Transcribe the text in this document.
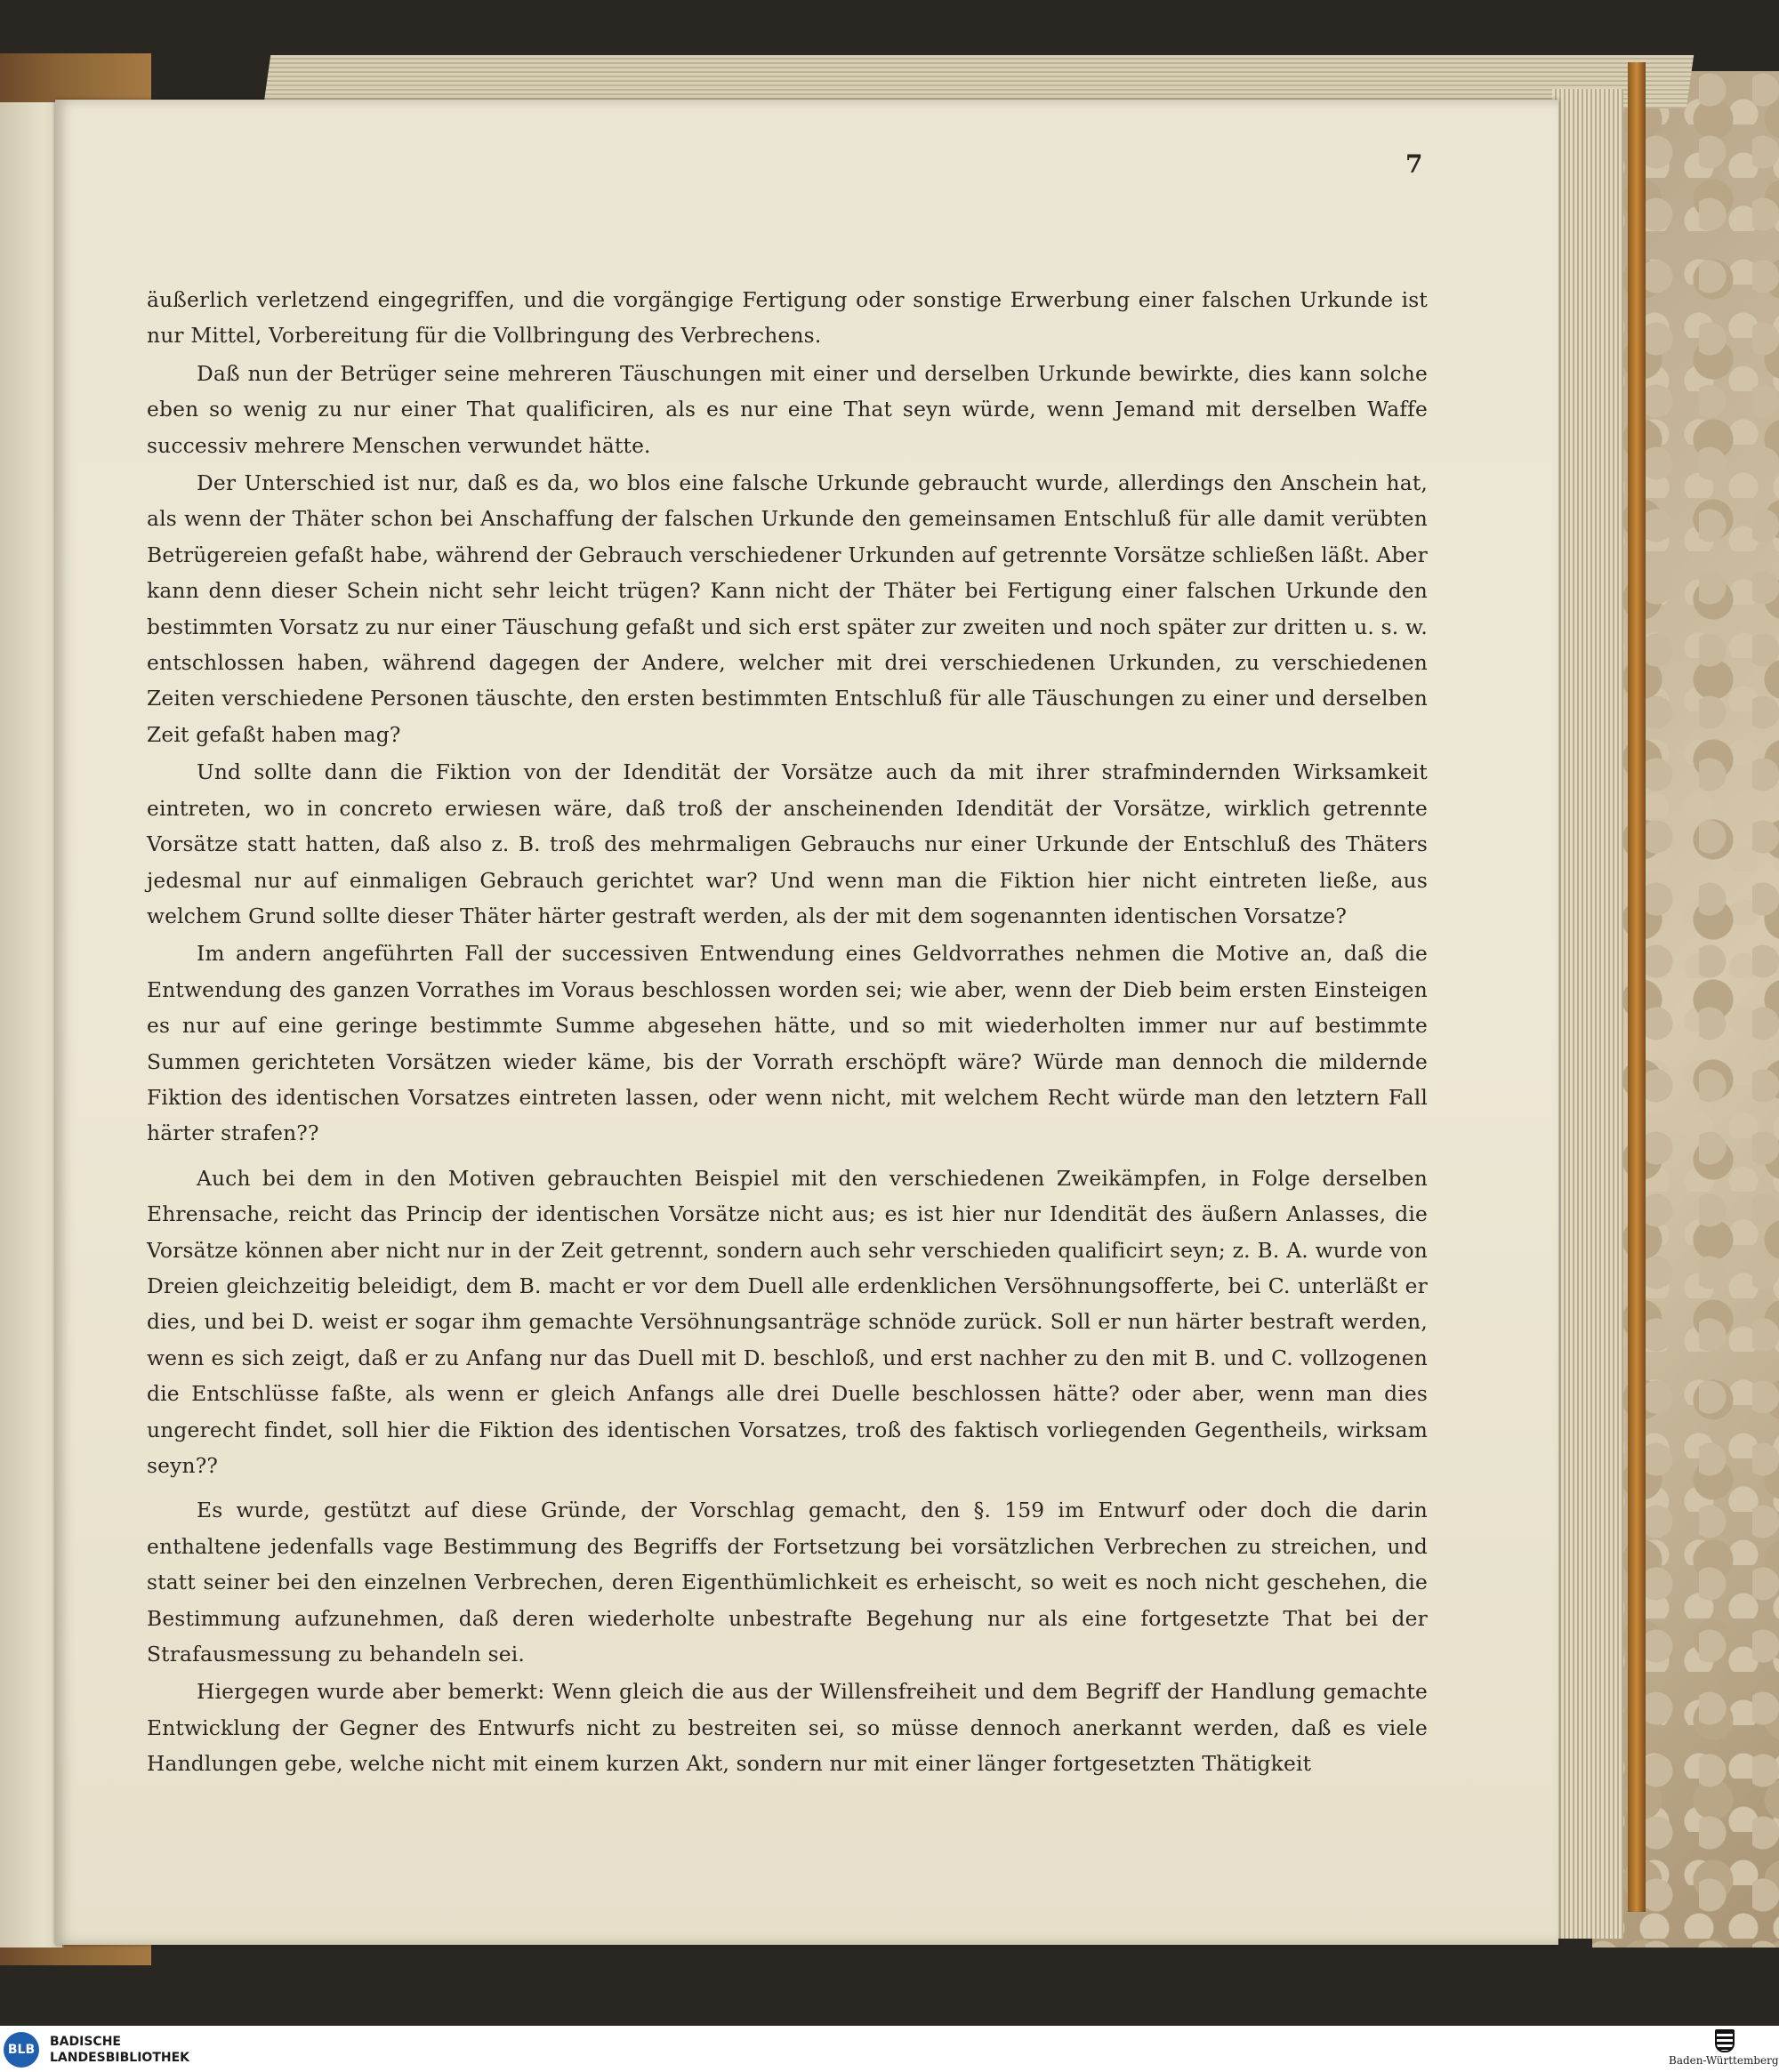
7

äußerlich verletzend eingegriffen, und die vorgängige Fertigung oder sonstige Erwerbung einer falschen Urkunde ist nur Mittel, Vorbereitung für die Vollbringung des Verbrechens.

Daß nun der Betrüger seine mehreren Täuschungen mit einer und derselben Urkunde bewirkte, dies kann solche eben so wenig zu nur einer That qualificiren, als es nur eine That seyn würde, wenn Jemand mit derselben Waffe successiv mehrere Menschen verwundet hätte.

Der Unterschied ist nur, daß es da, wo blos eine falsche Urkunde gebraucht wurde, allerdings den Anschein hat, als wenn der Thäter schon bei Anschaffung der falschen Urkunde den gemeinsamen Entschluß für alle damit verübten Betrügereien gefaßt habe, während der Gebrauch verschiedener Urkunden auf getrennte Vorsätze schließen läßt. Aber kann denn dieser Schein nicht sehr leicht trügen? Kann nicht der Thäter bei Fertigung einer falschen Urkunde den bestimmten Vorsatz zu nur einer Täuschung gefaßt und sich erst später zur zweiten und noch später zur dritten u. s. w. entschlossen haben, während dagegen der Andere, welcher mit drei verschiedenen Urkunden, zu verschiedenen Zeiten verschiedene Personen täuschte, den ersten bestimmten Entschluß für alle Täuschungen zu einer und derselben Zeit gefaßt haben mag?

Und sollte dann die Fiktion von der Idendität der Vorsätze auch da mit ihrer strafmindernden Wirksamkeit eintreten, wo in concreto erwiesen wäre, daß troß der anscheinenden Idendität der Vorsätze, wirklich getrennte Vorsätze statt hatten, daß also z. B. troß des mehrmaligen Gebrauchs nur einer Urkunde der Entschluß des Thäters jedesmal nur auf einmaligen Gebrauch gerichtet war? Und wenn man die Fiktion hier nicht eintreten ließe, aus welchem Grund sollte dieser Thäter härter gestraft werden, als der mit dem sogenannten identischen Vorsatze?

Im andern angeführten Fall der successiven Entwendung eines Geldvorrathes nehmen die Motive an, daß die Entwendung des ganzen Vorrathes im Voraus beschlossen worden sei; wie aber, wenn der Dieb beim ersten Einsteigen es nur auf eine geringe bestimmte Summe abgesehen hätte, und so mit wiederholten immer nur auf bestimmte Summen gerichteten Vorsätzen wieder käme, bis der Vorrath erschöpft wäre? Würde man dennoch die mildernde Fiktion des identischen Vorsatzes eintreten lassen, oder wenn nicht, mit welchem Recht würde man den letztern Fall härter strafen??

Auch bei dem in den Motiven gebrauchten Beispiel mit den verschiedenen Zweikämpfen, in Folge derselben Ehrensache, reicht das Princip der identischen Vorsätze nicht aus; es ist hier nur Idendität des äußern Anlasses, die Vorsätze können aber nicht nur in der Zeit getrennt, sondern auch sehr verschieden qualificirt seyn; z. B. A. wurde von Dreien gleichzeitig beleidigt, dem B. macht er vor dem Duell alle erdenklichen Versöhnungsofferte, bei C. unterläßt er dies, und bei D. weist er sogar ihm gemachte Versöhnungsanträge schnöde zurück. Soll er nun härter bestraft werden, wenn es sich zeigt, daß er zu Anfang nur das Duell mit D. beschloß, und erst nachher zu den mit B. und C. vollzogenen die Entschlüsse faßte, als wenn er gleich Anfangs alle drei Duelle beschlossen hätte? oder aber, wenn man dies ungerecht findet, soll hier die Fiktion des identischen Vorsatzes, troß des faktisch vorliegenden Gegentheils, wirksam seyn??

Es wurde, gestützt auf diese Gründe, der Vorschlag gemacht, den §. 159 im Entwurf oder doch die darin enthaltene jedenfalls vage Bestimmung des Begriffs der Fortsetzung bei vorsätzlichen Verbrechen zu streichen, und statt seiner bei den einzelnen Verbrechen, deren Eigenthümlichkeit es erheischt, so weit es noch nicht geschehen, die Bestimmung aufzunehmen, daß deren wiederholte unbestrafte Begehung nur als eine fortgesetzte That bei der Strafausmessung zu behandeln sei.

Hiergegen wurde aber bemerkt: Wenn gleich die aus der Willensfreiheit und dem Begriff der Handlung gemachte Entwicklung der Gegner des Entwurfs nicht zu bestreiten sei, so müsse dennoch anerkannt werden, daß es viele Handlungen gebe, welche nicht mit einem kurzen Akt, sondern nur mit einer länger fortgesetzten Thätigkeit

BLB
BADISCHE
LANDESBIBLIOTHEK	Baden-Württemberg
